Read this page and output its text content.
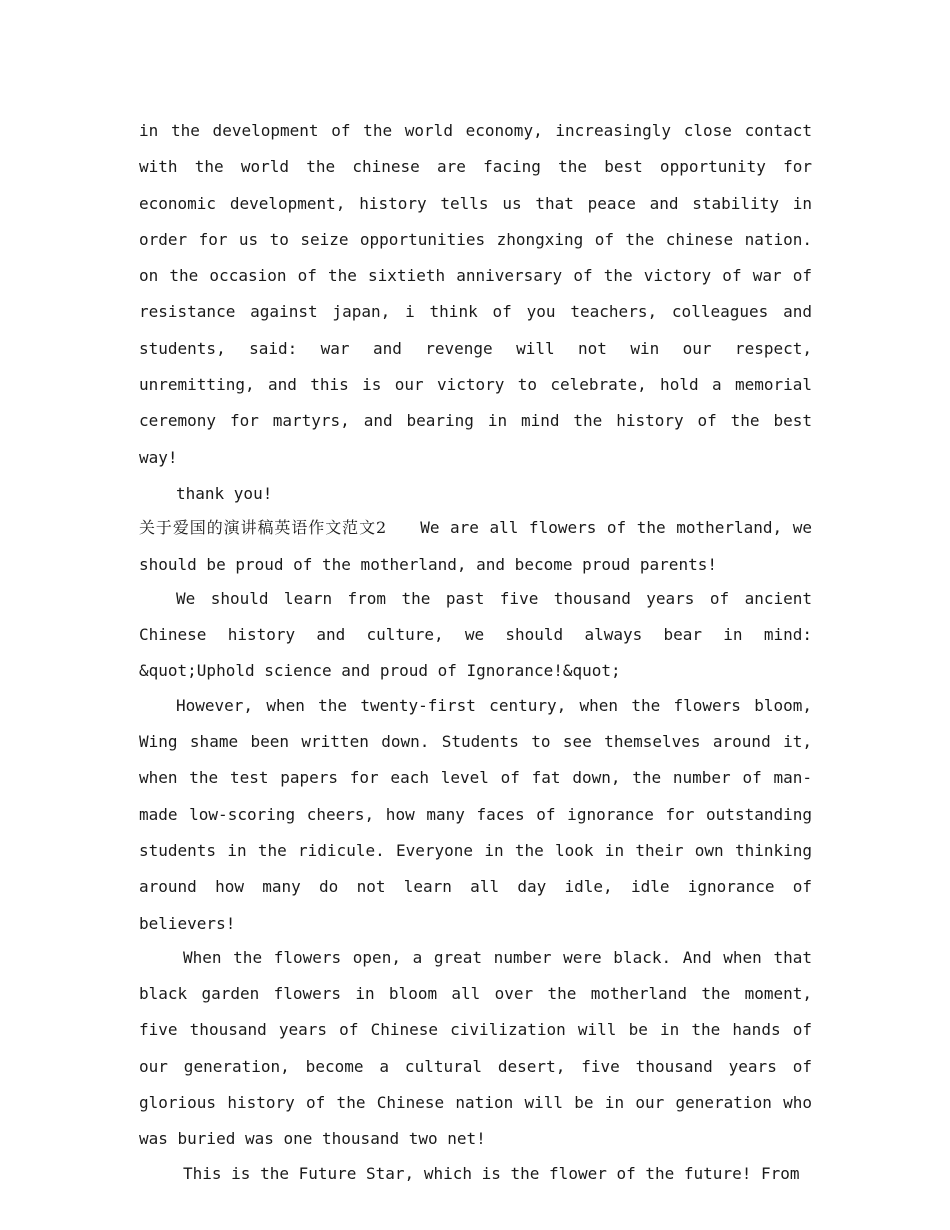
in the development of the world economy, increasingly close contact with the world the chinese are facing the best opportunity for economic development, history tells us that peace and stability in order for us to seize opportunities zhongxing of the chinese nation. on the occasion of the sixtieth anniversary of the victory of war of resistance against japan, i think of you teachers, colleagues and students, said: war and revenge will not win our respect, unremitting, and this is our victory to celebrate, hold a memorial ceremony for martyrs, and bearing in mind the history of the best way!

thank you!

关于爱国的演讲稿英语作文范文2 We are all flowers of the motherland, we should be proud of the motherland, and become proud parents!

We should learn from the past five thousand years of ancient Chinese history and culture, we should always bear in mind: &quot;Uphold science and proud of Ignorance!&quot;

However, when the twenty-first century, when the flowers bloom, Wing shame been written down. Students to see themselves around it, when the test papers for each level of fat down, the number of man-made low-scoring cheers, how many faces of ignorance for outstanding students in the ridicule. Everyone in the look in their own thinking around how many do not learn all day idle, idle ignorance of believers!

When the flowers open, a great number were black. And when that black garden flowers in bloom all over the motherland the moment, five thousand years of Chinese civilization will be in the hands of our generation, become a cultural desert, five thousand years of glorious history of the Chinese nation will be in our generation who was buried was one thousand two net!

This is the Future Star, which is the flower of the future! From
